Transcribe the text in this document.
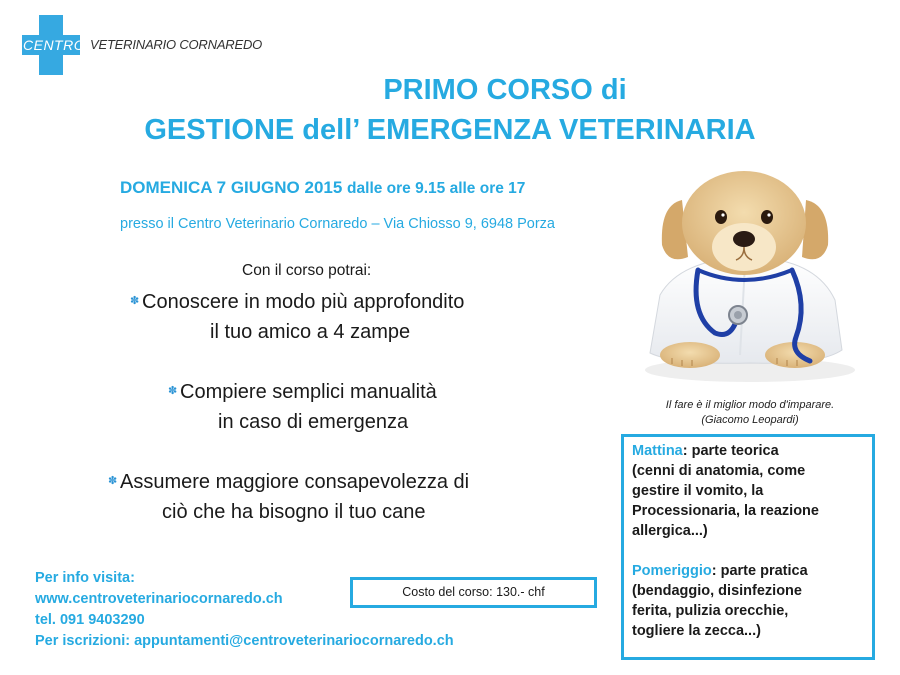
CENTRO VETERINARIO CORNAREDO
PRIMO CORSO di
GESTIONE dell’ EMERGENZA VETERINARIA
DOMENICA 7 GIUGNO 2015 dalle ore 9.15 alle ore 17
presso il Centro Veterinario Cornaredo – Via Chiosso 9, 6948 Porza
Con il corso potrai:
✽ Conoscere in modo più approfondito
il tuo amico a 4 zampe
✽ Compiere semplici manualità
in caso di emergenza
✽ Assumere maggiore consapevolezza di
ciò che ha bisogno il tuo cane
Il fare è il miglior modo d'imparare.
(Giacomo Leopardi)
Mattina: parte teorica
(cenni di anatomia, come
gestire il vomito, la
Processionaria, la reazione
allergica...)
Pomeriggio: parte pratica
(bendaggio, disinfezione
ferita, pulizia orecchie,
togliere la zecca...)
Per info visita:
www.centroveterinariocornaredo.ch
tel. 091 9403290
Per iscrizioni: appuntamenti@centroveterinariocornaredo.ch
Costo del corso: 130.- chf
